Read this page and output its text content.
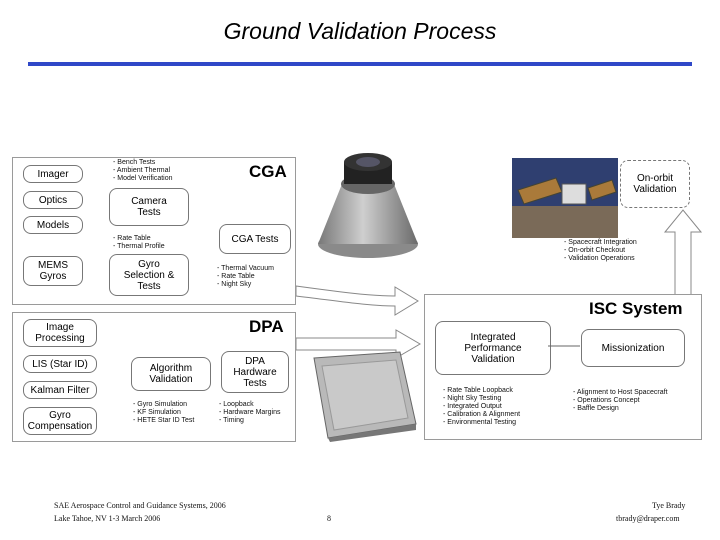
Ground Validation Process
CGA
Imager
Optics
Models
MEMS
Gyros
- Bench Tests
- Ambient Thermal
- Model Verification
Camera
Tests
- Rate Table
- Thermal Profile
Gyro
Selection &
Tests
CGA Tests
- Thermal Vacuum
- Rate Table
- Night Sky
DPA
Image
Processing
LIS (Star ID)
Kalman Filter
Gyro
Compensation
Algorithm
Validation
- Gyro Simulation
- KF Simulation
- HETE Star ID Test
DPA
Hardware
Tests
- Loopback
- Hardware Margins
- Timing
On-orbit
Validation
- Spacecraft Integration
- On-orbit Checkout
- Validation Operations
ISC System
Integrated
Performance
Validation
Missionization
- Rate Table Loopback
- Night Sky Testing
- Integrated Output
- Calibration & Alignment
- Environmental Testing
- Alignment to Host Spacecraft
- Operations Concept
- Baffle Design
SAE Aerospace Control and Guidance Systems, 2006
Lake Tahoe, NV 1-3 March 2006	8
Tye Brady
tbrady@draper.com
